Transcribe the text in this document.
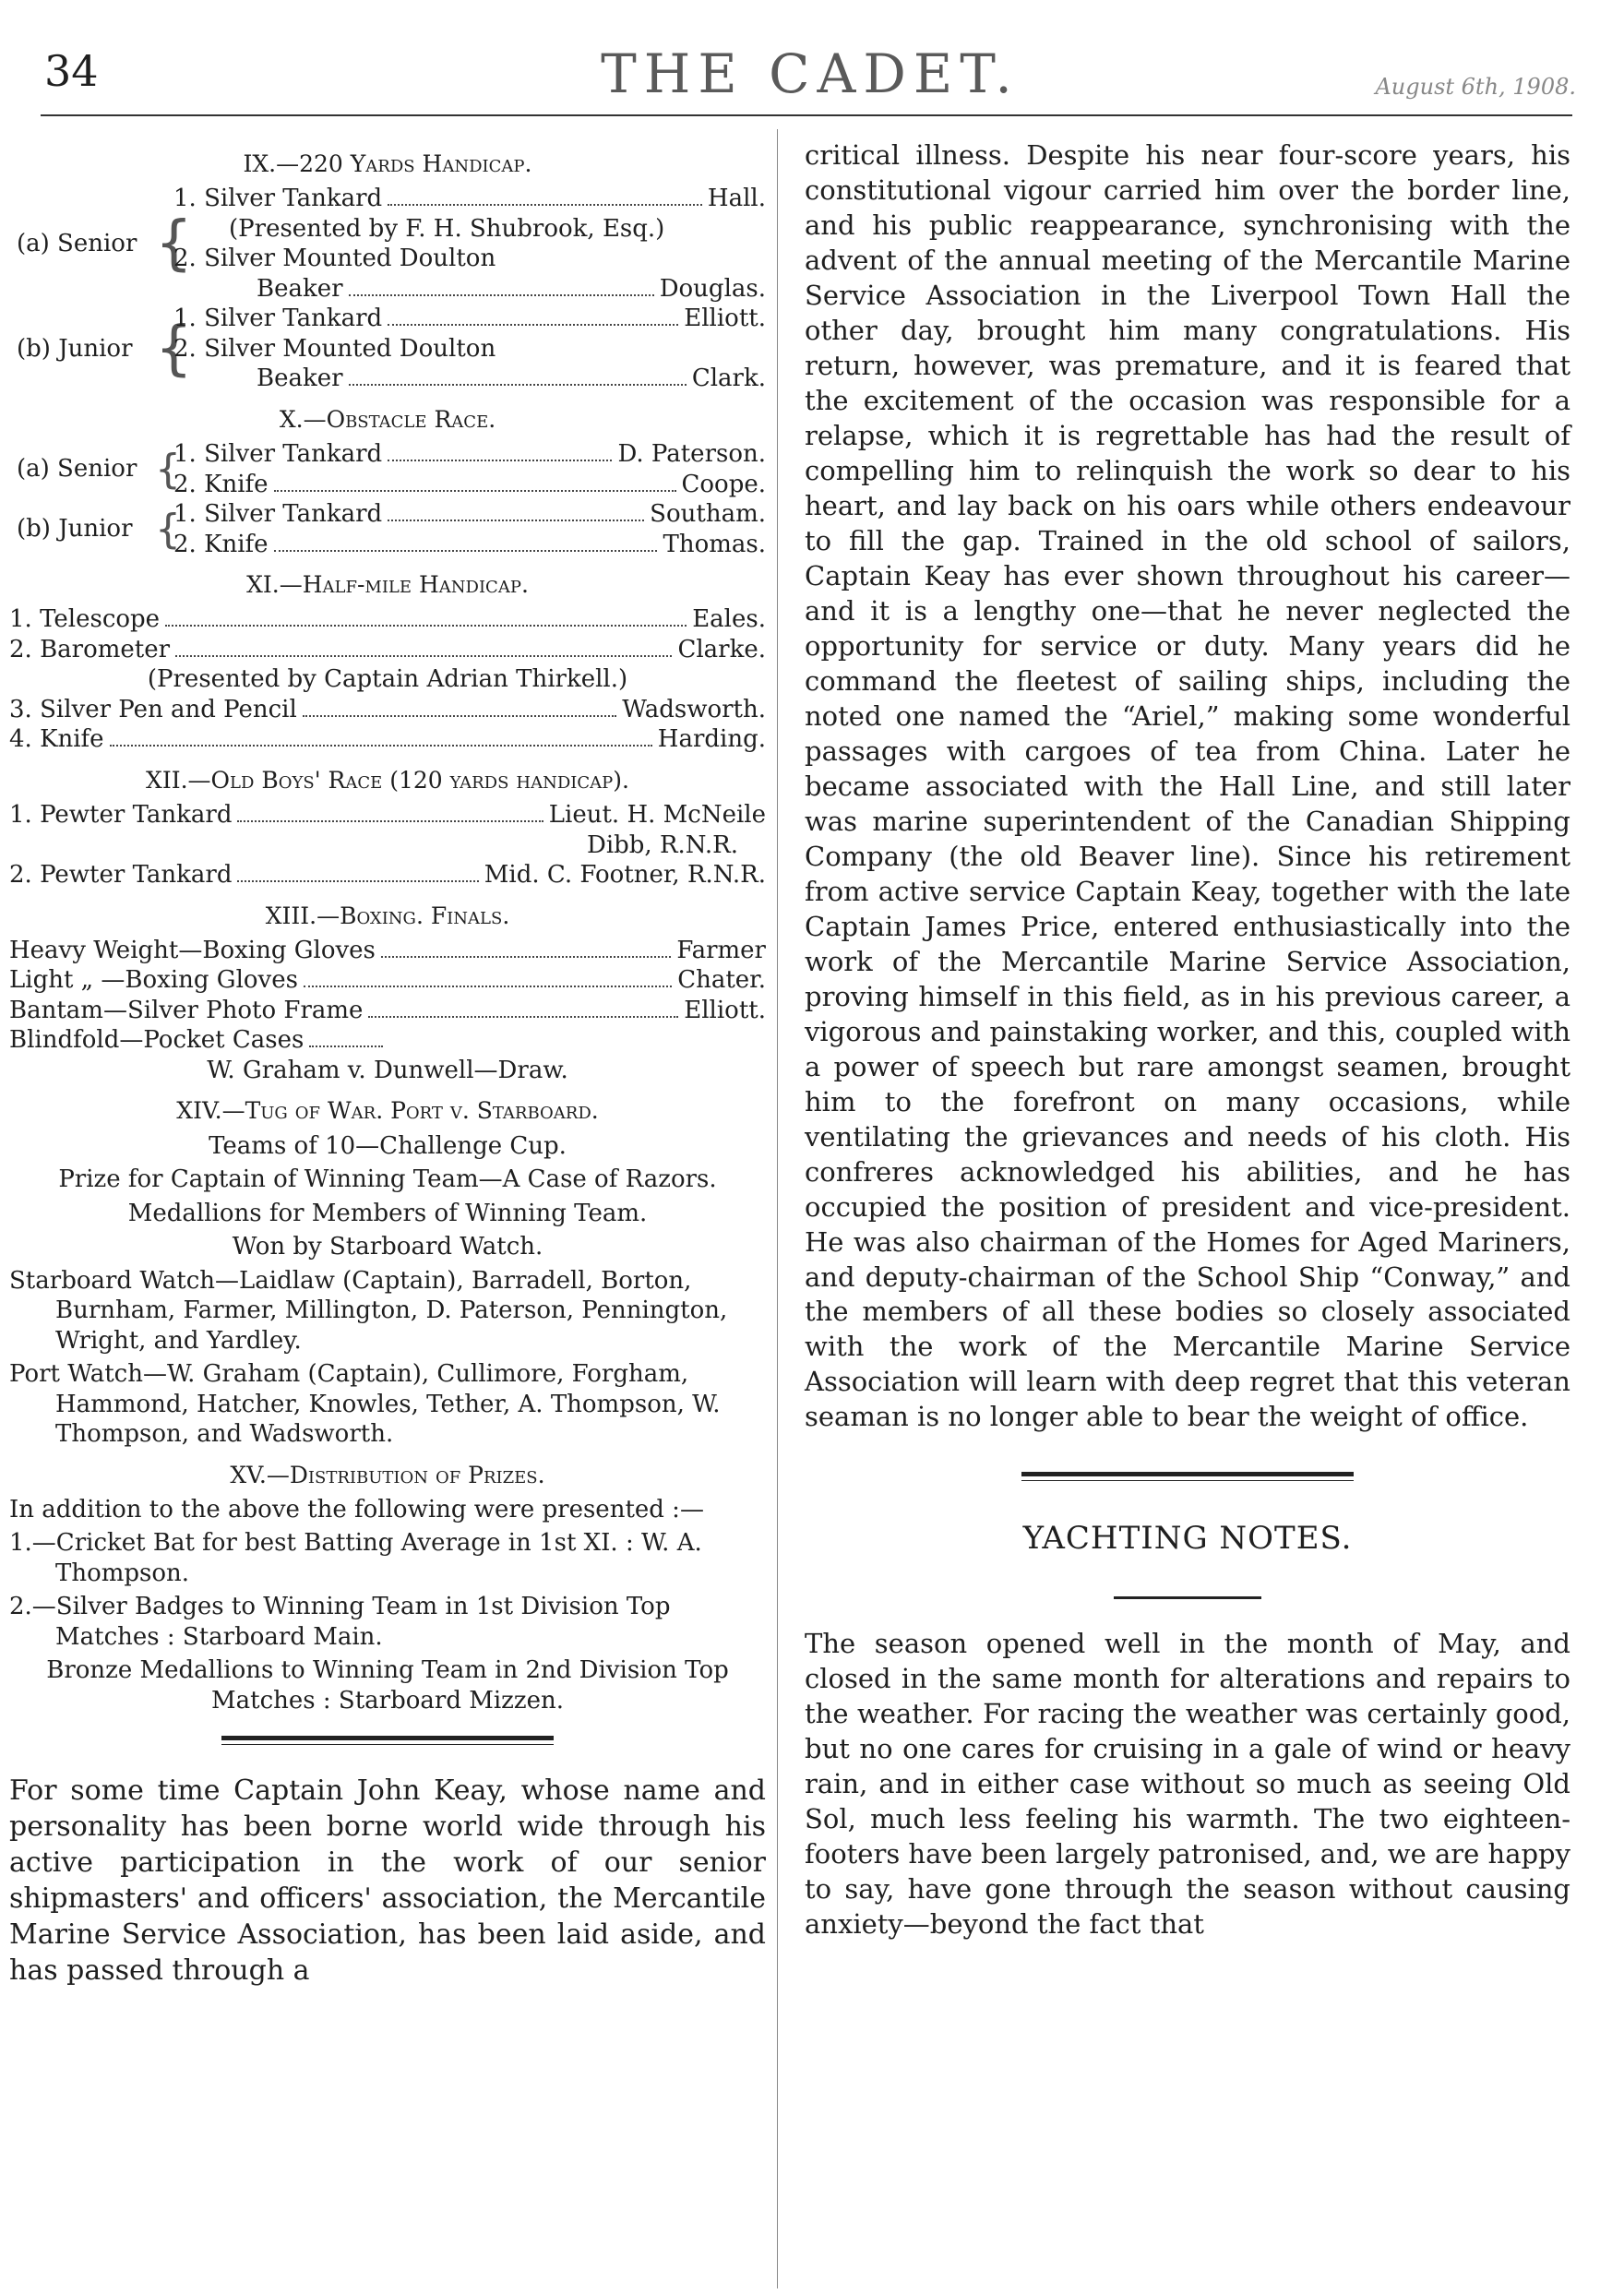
34	THE CADET.	August 6th, 1908.
IX.—220 Yards Handicap.
(a) Senior {
1. Silver Tankard	Hall.
(Presented by F. H. Shubrook, Esq.)
2. Silver Mounted Doulton
Beaker	Douglas.
(b) Junior {
1. Silver Tankard	Elliott.
2. Silver Mounted Doulton
Beaker	Clark.
X.—Obstacle Race.
(a) Senior {
1. Silver Tankard	D. Paterson.
2. Knife	Coope.
(b) Junior {
1. Silver Tankard	Southam.
2. Knife	Thomas.
XI.—Half-mile Handicap.
1. Telescope	Eales.
2. Barometer	Clarke.
(Presented by Captain Adrian Thirkell.)
3. Silver Pen and Pencil	Wadsworth.
4. Knife	Harding.
XII.—Old Boys' Race (120 yards handicap).
1. Pewter Tankard	Lieut. H. McNeile
Dibb, R.N.R.
2. Pewter Tankard	Mid. C. Footner, R.N.R.
XIII.—Boxing. Finals.
Heavy Weight—Boxing Gloves	Farmer
Light „ —Boxing Gloves	Chater.
Bantam—Silver Photo Frame	Elliott.
Blindfold—Pocket Cases
W. Graham v. Dunwell—Draw.
XIV.—Tug of War. Port v. Starboard.
Teams of 10—Challenge Cup.
Prize for Captain of Winning Team—A Case of Razors.
Medallions for Members of Winning Team.
Won by Starboard Watch.
Starboard Watch—Laidlaw (Captain), Barradell, Borton, Burnham, Farmer, Millington, D. Paterson, Pennington, Wright, and Yardley.
Port Watch—W. Graham (Captain), Cullimore, Forgham, Hammond, Hatcher, Knowles, Tether, A. Thompson, W. Thompson, and Wadsworth.
XV.—Distribution of Prizes.
In addition to the above the following were presented :—
1.—Cricket Bat for best Batting Average in 1st XI. : W. A. Thompson.
2.—Silver Badges to Winning Team in 1st Division Top Matches : Starboard Main.
Bronze Medallions to Winning Team in 2nd Division Top Matches : Starboard Mizzen.

For some time Captain John Keay, whose name and personality has been borne world wide through his active participation in the work of our senior shipmasters' and officers' association, the Mercantile Marine Service Association, has been laid aside, and has passed through a

critical illness. Despite his near four-score years, his constitutional vigour carried him over the border line, and his public reappearance, synchronising with the advent of the annual meeting of the Mercantile Marine Service Association in the Liverpool Town Hall the other day, brought him many congratulations. His return, however, was premature, and it is feared that the excitement of the occasion was responsible for a relapse, which it is regrettable has had the result of compelling him to relinquish the work so dear to his heart, and lay back on his oars while others endeavour to fill the gap. Trained in the old school of sailors, Captain Keay has ever shown throughout his career—and it is a lengthy one—that he never neglected the opportunity for service or duty. Many years did he command the fleetest of sailing ships, including the noted one named the “Ariel,” making some wonderful passages with cargoes of tea from China. Later he became associated with the Hall Line, and still later was marine superintendent of the Canadian Shipping Company (the old Beaver line). Since his retirement from active service Captain Keay, together with the late Captain James Price, entered enthusiastically into the work of the Mercantile Marine Service Association, proving himself in this field, as in his previous career, a vigorous and painstaking worker, and this, coupled with a power of speech but rare amongst seamen, brought him to the forefront on many occasions, while ventilating the grievances and needs of his cloth. His confreres acknowledged his abilities, and he has occupied the position of president and vice-president. He was also chairman of the Homes for Aged Mariners, and deputy-chairman of the School Ship “Conway,” and the members of all these bodies so closely associated with the work of the Mercantile Marine Service Association will learn with deep regret that this veteran seaman is no longer able to bear the weight of office.

YACHTING NOTES.

The season opened well in the month of May, and closed in the same month for alterations and repairs to the weather. For racing the weather was certainly good, but no one cares for cruising in a gale of wind or heavy rain, and in either case without so much as seeing Old Sol, much less feeling his warmth. The two eighteen-footers have been largely patronised, and, we are happy to say, have gone through the season without causing anxiety—beyond the fact that
